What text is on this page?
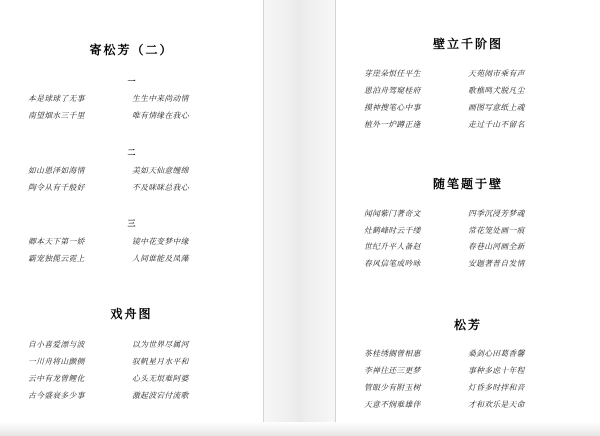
寄松芳（二）
一
本是球球了无事	生生中来尚动情
南望烟水三千里	唯有情缘在我心
二
如山恩泽如海情	美如天仙意缠绵
陶令从有千般好	不及咪咪总我心
三
卿本天下第一娇	镜中花变梦中缘
霸宠独揽云霓上	人间谁能及凤藻
戏舟图
自小喜爱漂与波	以为世界尽属河
一川舟将山颤侧	驭帆星月水平和
云中有龙曾鲤化	心头无垠难阿婆
古今盛衰多少事	激起波宕付流歌
壁立千阶图
芽崖朵恨任平生	天苑闹市乘有声
恩泊舟驾窥桂府	歌樵鸣犬脱凡尘
摸神搜笔心中事	画图写意纸上魂
植外一炉蹲正逢	走过千山不留名
随笔题于壁
闻闻紫门著奇文	四季沉浸芳梦魂
灶鹤峰时云千缕	常花笼处画一痕
世纪升平人备赵	春巷山河画全新
春风信笔成吟咏	安题著普自发情
松芳
茶桂绣搁曾相惠	桑剑心田葛香馨
李禅往还三更梦	事种多虑十年程
管眼少有附玉树	灯昏多时拌和音
天意不悯难雄伴	才和欢乐是天命
